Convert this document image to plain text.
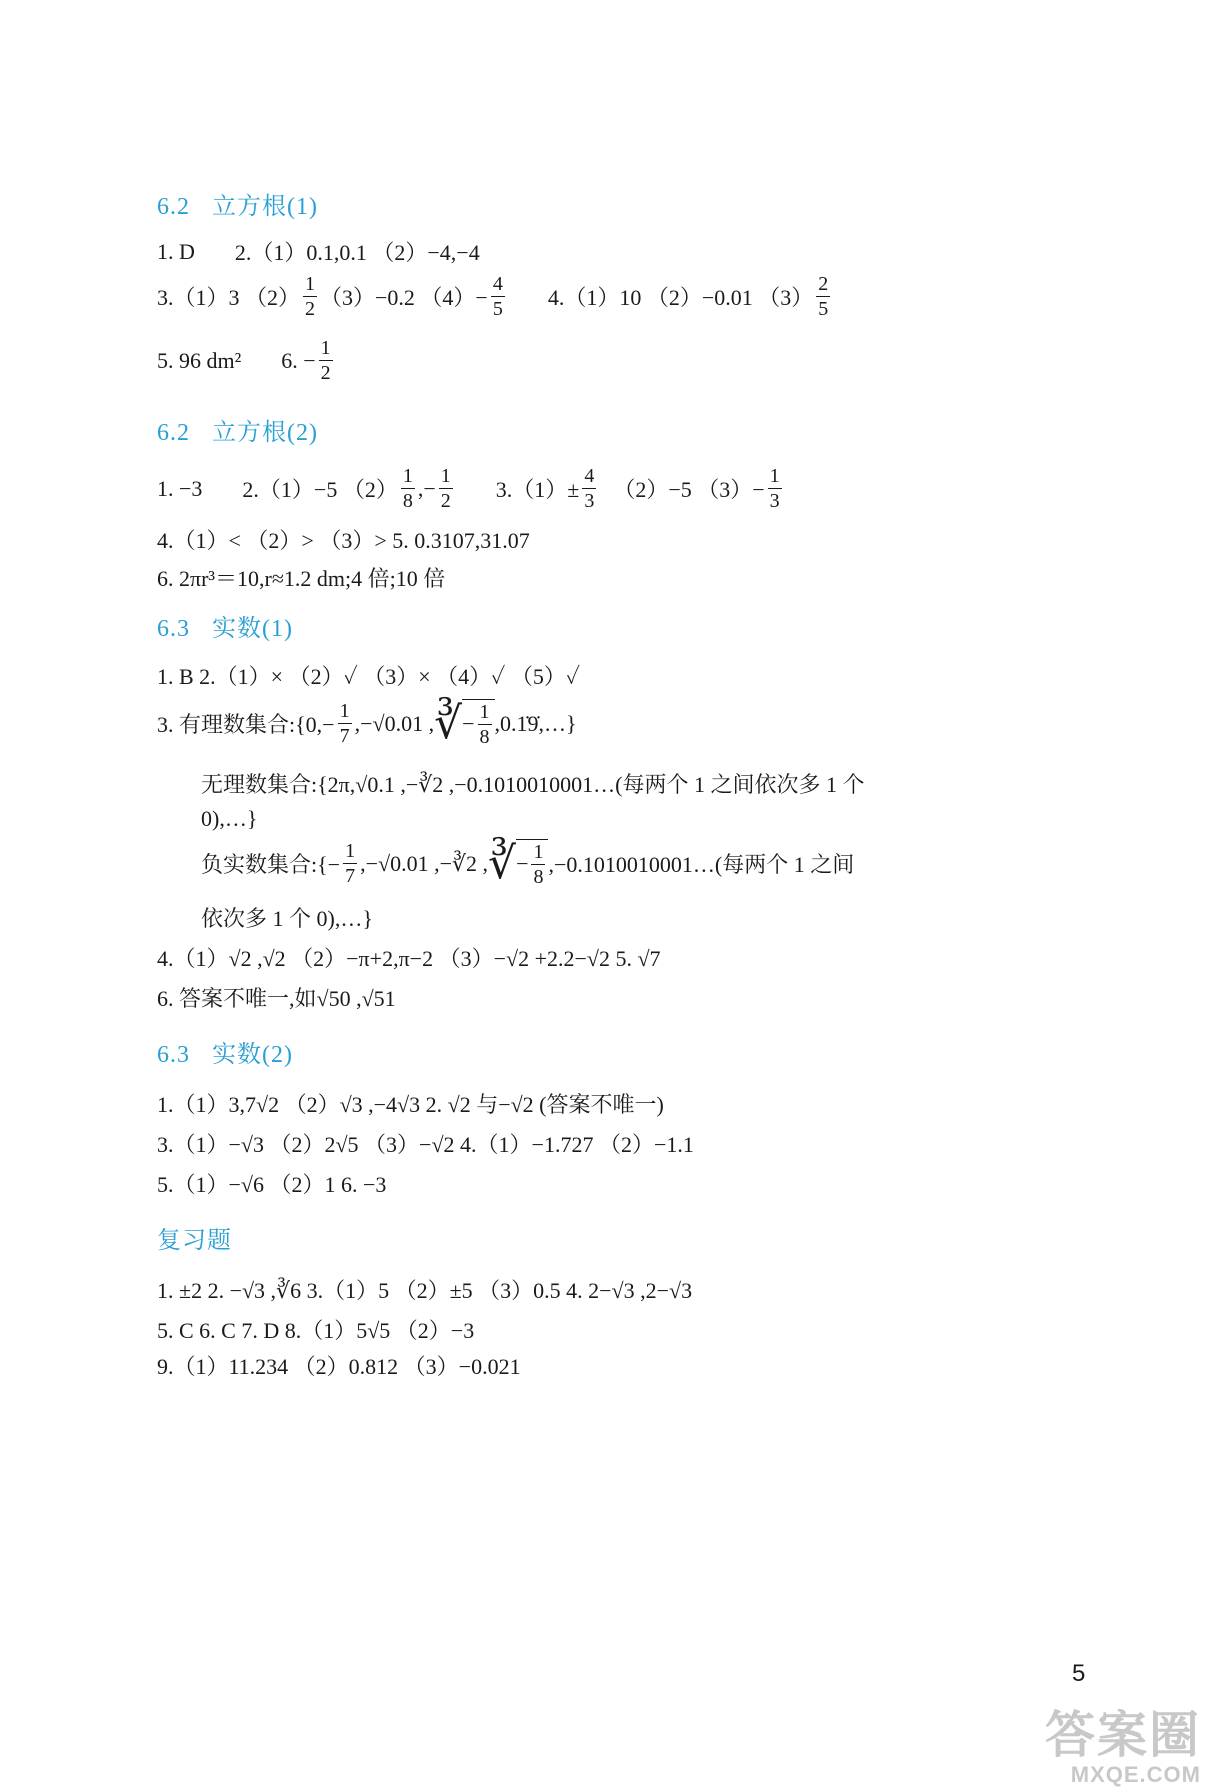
6.2 立方根(1)
1. D 2.（1）0.1,0.1 （2）−4,−4
3.（1）3 $(2) \frac{1}{2} (3)-0.2$ $(4)- \frac{4}{5} 4.(1)10$ （2）−0.01 $(3) \frac{2}{5}$
5. 96 dm² 6. − $\frac{1}{2}$
6.2 立方根(2)
1. −3 2.（1）−5 $(2) \frac{1}{8}$ ,− $\frac{1}{2} 3.(1)\pm \frac{4}{3} (2)-5$ $(3)- \frac{1}{3}$
4.（1）< （2）> （3）> 5. 0.3107,31.07
6. 2πr³＝10,r≈1.2 dm;4 倍;10 倍
6.3 实数(1)
1. B 2.（1）× （2）✓ （3）× （4）✓ （5）✓
3. 有理数集合:{0,− $\frac{1}{7} ,-√0.01$ , ∛ − $\frac{1}{8}$ ,0.1̇9̇,…}
无理数集合:{2π,√0.1 ,−∛2 ,−0.1010010001…(每两个 1 之间依次多 1 个
0),…}
负实数集合:{− $\frac{1}{7} ,-√0.01$ ,−∛2 , ∛ − $\frac{1}{8}$ ,−0.1010010001…(每两个 1 之间
依次多 1 个 0),…}
4.（1）√2 ,√2 （2）−π+2,π−2 （3）−√2 +2.2−√2 5. √7
6. 答案不唯一,如√50 ,√51
6.3 实数(2)
1.（1）3,7√2 （2）√3 ,−4√3 2. √2 与−√2 (答案不唯一)
3.（1）−√3 （2）2√5 （3）−√2 4.（1）−1.727 （2）−1.1
5.（1）−√6 （2）1 6. −3
复习题
1. ±2 2. −√3 ,∛6 3.（1）5 （2）±5 （3）0.5 4. 2−√3 ,2−√3
5. C 6. C 7. D 8.（1）5√5 （2）−3
9.（1）11.234 （2）0.812 （3）−0.021
5
答案圈
MXQE.COM
